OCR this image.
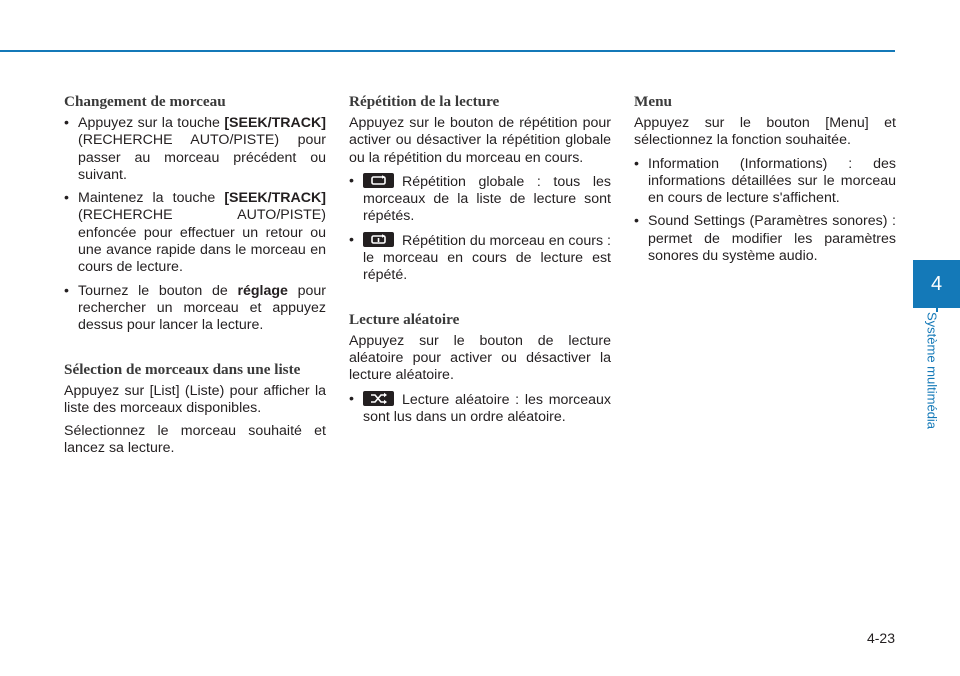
Changement de morceau
• Appuyez sur la touche [SEEK/TRACK] (RECHERCHE AUTO/PISTE) pour passer au morceau précédent ou suivant.
• Maintenez la touche [SEEK/TRACK] (RECHERCHE AUTO/PISTE) enfoncée pour effectuer un retour ou une avance rapide dans le morceau en cours de lecture.
• Tournez le bouton de réglage pour rechercher un morceau et appuyez dessus pour lancer la lecture.
Sélection de morceaux dans une liste

Appuyez sur [List] (Liste) pour afficher la liste des morceaux disponibles.

Sélectionnez le morceau souhaité et lancez sa lecture.

Répétition de la lecture

Appuyez sur le bouton de répétition pour activer ou désactiver la répétition globale ou la répétition du morceau en cours.

• Répétition globale : tous les morceaux de la liste de lecture sont répétés.
• Répétition du morceau en cours : le morceau en cours de lecture est répété.
Lecture aléatoire

Appuyez sur le bouton de lecture aléatoire pour activer ou désactiver la lecture aléatoire.

• Lecture aléatoire : les morceaux sont lus dans un ordre aléatoire.
Menu

Appuyez sur le bouton [Menu] et sélectionnez la fonction souhaitée.

• Information (Informations) : des informations détaillées sur le morceau en cours de lecture s'affichent.
• Sound Settings (Paramètres sonores) : permet de modifier les paramètres sonores du système audio.
4
Système multimédia
4-23
